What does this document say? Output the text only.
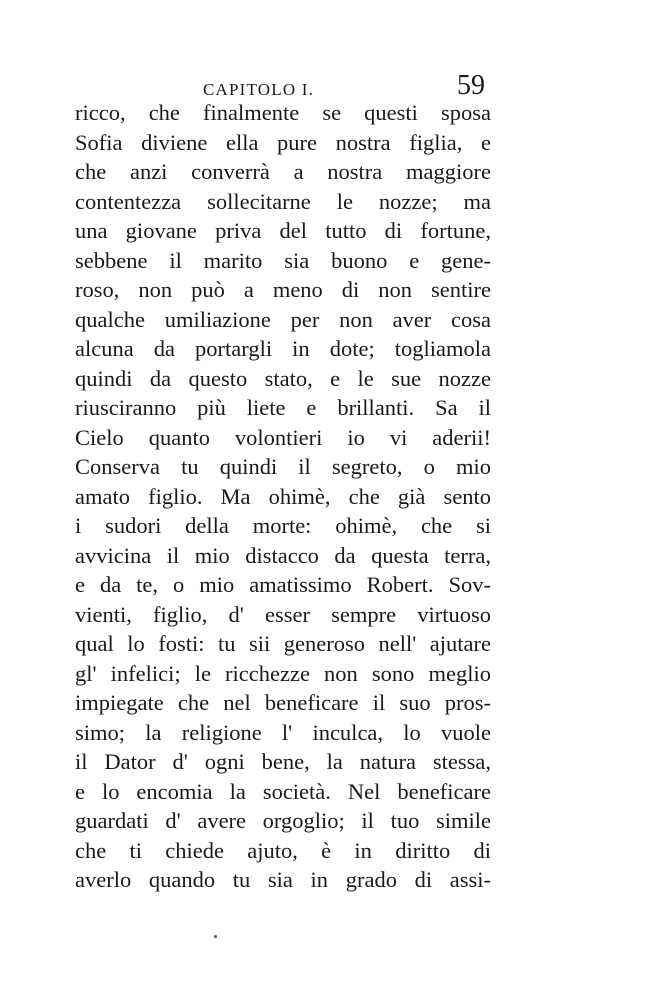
CAPITOLO I.	59
ricco, che finalmente se questi sposa
Sofia diviene ella pure nostra figlia, e
che anzi converrà a nostra maggiore
contentezza sollecitarne le nozze; ma
una giovane priva del tutto di fortune,
sebbene il marito sia buono e gene-
roso, non può a meno di non sentire
qualche umiliazione per non aver cosa
alcuna da portargli in dote; togliamola
quindi da questo stato, e le sue nozze
riusciranno più liete e brillanti. Sa il
Cielo quanto volontieri io vi aderii!
Conserva tu quindi il segreto, o mio
amato figlio. Ma ohimè, che già sento
i sudori della morte: ohimè, che si
avvicina il mio distacco da questa terra,
e da te, o mio amatissimo Robert. Sov-
vienti, figlio, d' esser sempre virtuoso
qual lo fosti: tu sii generoso nell' ajutare
gl' infelici; le ricchezze non sono meglio
impiegate che nel beneficare il suo pros-
simo; la religione l' inculca, lo vuole
il Dator d' ogni bene, la natura stessa,
e lo encomia la società. Nel beneficare
guardati d' avere orgoglio; il tuo simile
che ti chiede ajuto, è in diritto di
averlo quando tu sia in grado di assi-
